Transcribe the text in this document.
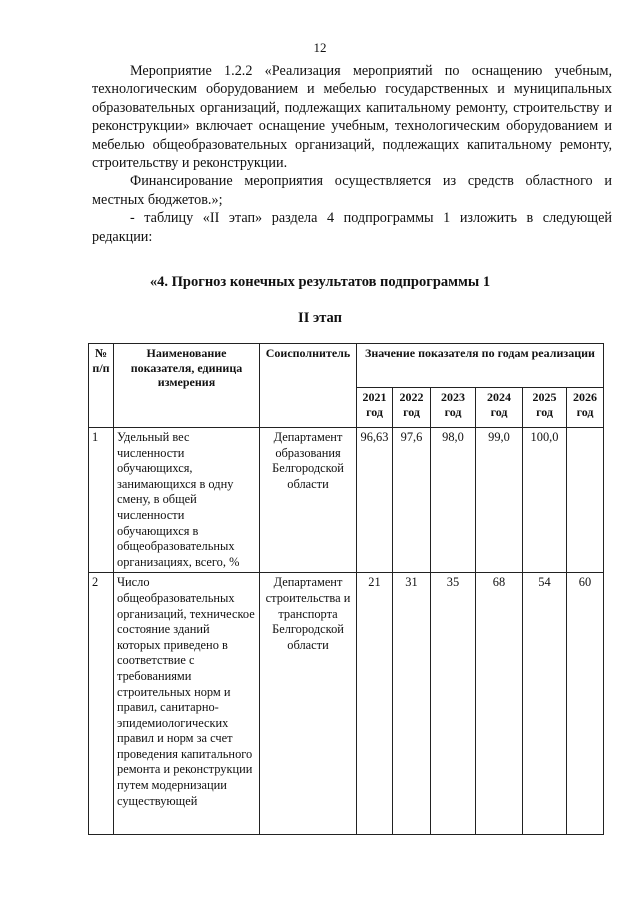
12

Мероприятие 1.2.2 «Реализация мероприятий по оснащению учебным, технологическим оборудованием и мебелью государственных и муниципальных образовательных организаций, подлежащих капитальному ремонту, строительству и реконструкции» включает оснащение учебным, технологическим оборудованием и мебелью общеобразовательных организаций, подлежащих капитальному ремонту, строительству и реконструкции.

Финансирование мероприятия осуществляется из средств областного и местных бюджетов.»;

- таблицу «II этап» раздела 4 подпрограммы 1 изложить в следующей редакции:

«4. Прогноз конечных результатов подпрограммы 1
II этап
№ п/п	Наименование показателя, единица измерения	Соисполнитель	Значение показателя по годам реализации					
			2021 год	2022 год	2023 год	2024 год	2025 год	2026 год
1	Удельный вес численности обучающихся, занимающихся в одну смену, в общей численности обучающихся в общеобразовательных организациях, всего, %	Департамент образования Белгородской области	96,63	97,6	98,0	99,0	100,0	
2	Число общеобразовательных организаций, техническое состояние зданий которых приведено в соответствие с требованиями строительных норм и правил, санитарно-эпидемиологических правил и норм за счет проведения капитального ремонта и реконструкции путем модернизации существующей	Департамент строительства и транспорта Белгородской области	21	31	35	68	54	60
